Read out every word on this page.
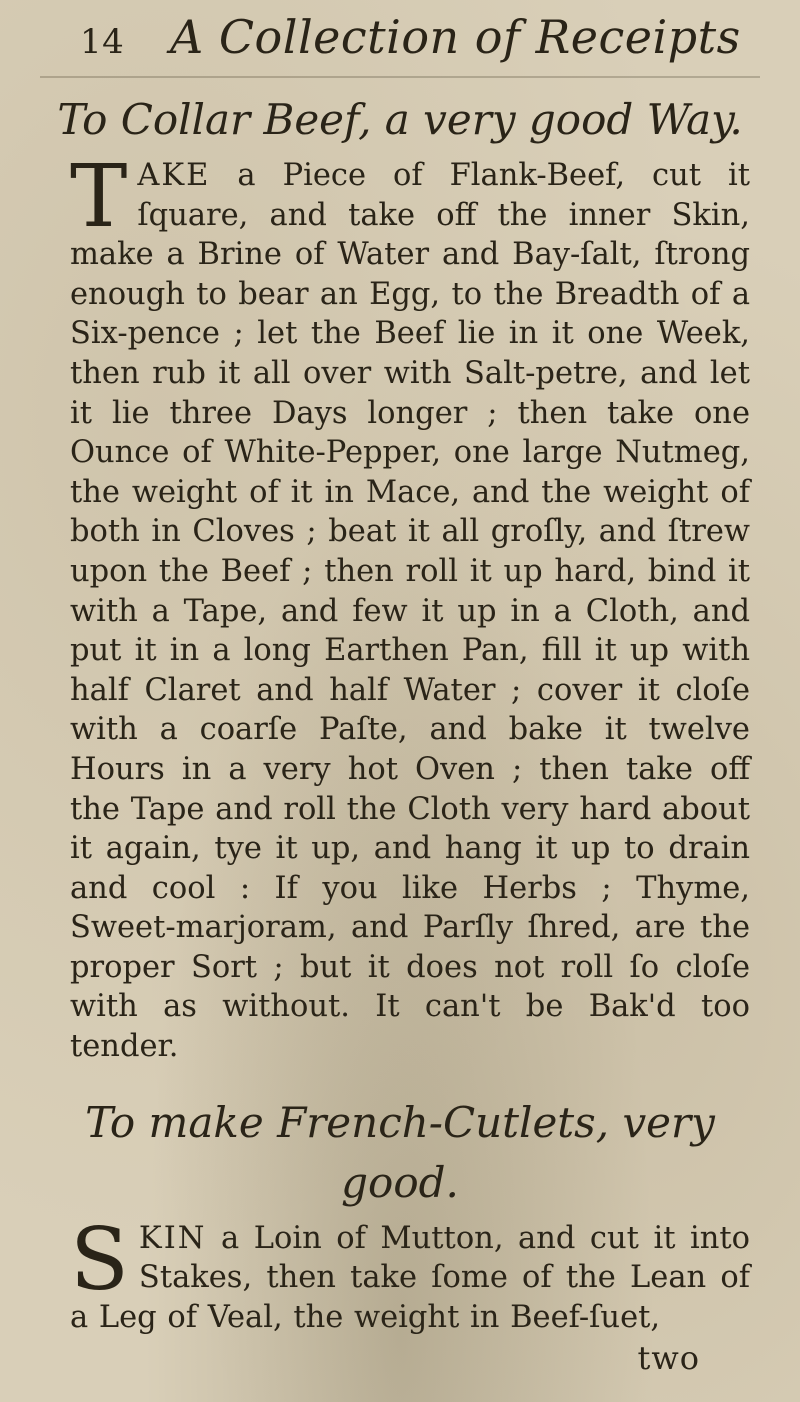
14 A Collection of Receipts
To Collar Beef, a very good Way.

TAKE a Piece of Flank-Beef, cut it ſquare, and take off the inner Skin, make a Brine of Water and Bay-ſalt, ſtrong enough to bear an Egg, to the Breadth of a Six-pence ; let the Beef lie in it one Week, then rub it all over with Salt-petre, and let it lie three Days longer ; then take one Ounce of White-Pepper, one large Nutmeg, the weight of it in Mace, and the weight of both in Cloves ; beat it all groſly, and ſtrew upon the Beef ; then roll it up hard, bind it with a Tape, and few it up in a Cloth, and put it in a long Earthen Pan, fill it up with half Claret and half Water ; cover it cloſe with a coarſe Paſte, and bake it twelve Hours in a very hot Oven ; then take off the Tape and roll the Cloth very hard about it again, tye it up, and hang it up to drain and cool : If you like Herbs ; Thyme, Sweet-marjoram, and Parſly ſhred, are the proper Sort ; but it does not roll ſo cloſe with as without. It can't be Bak'd too tender.

To make French-Cutlets, very good.

SKIN a Loin of Mutton, and cut it into Stakes, then take ſome of the Lean of a Leg of Veal, the weight in Beef-ſuet,

two
